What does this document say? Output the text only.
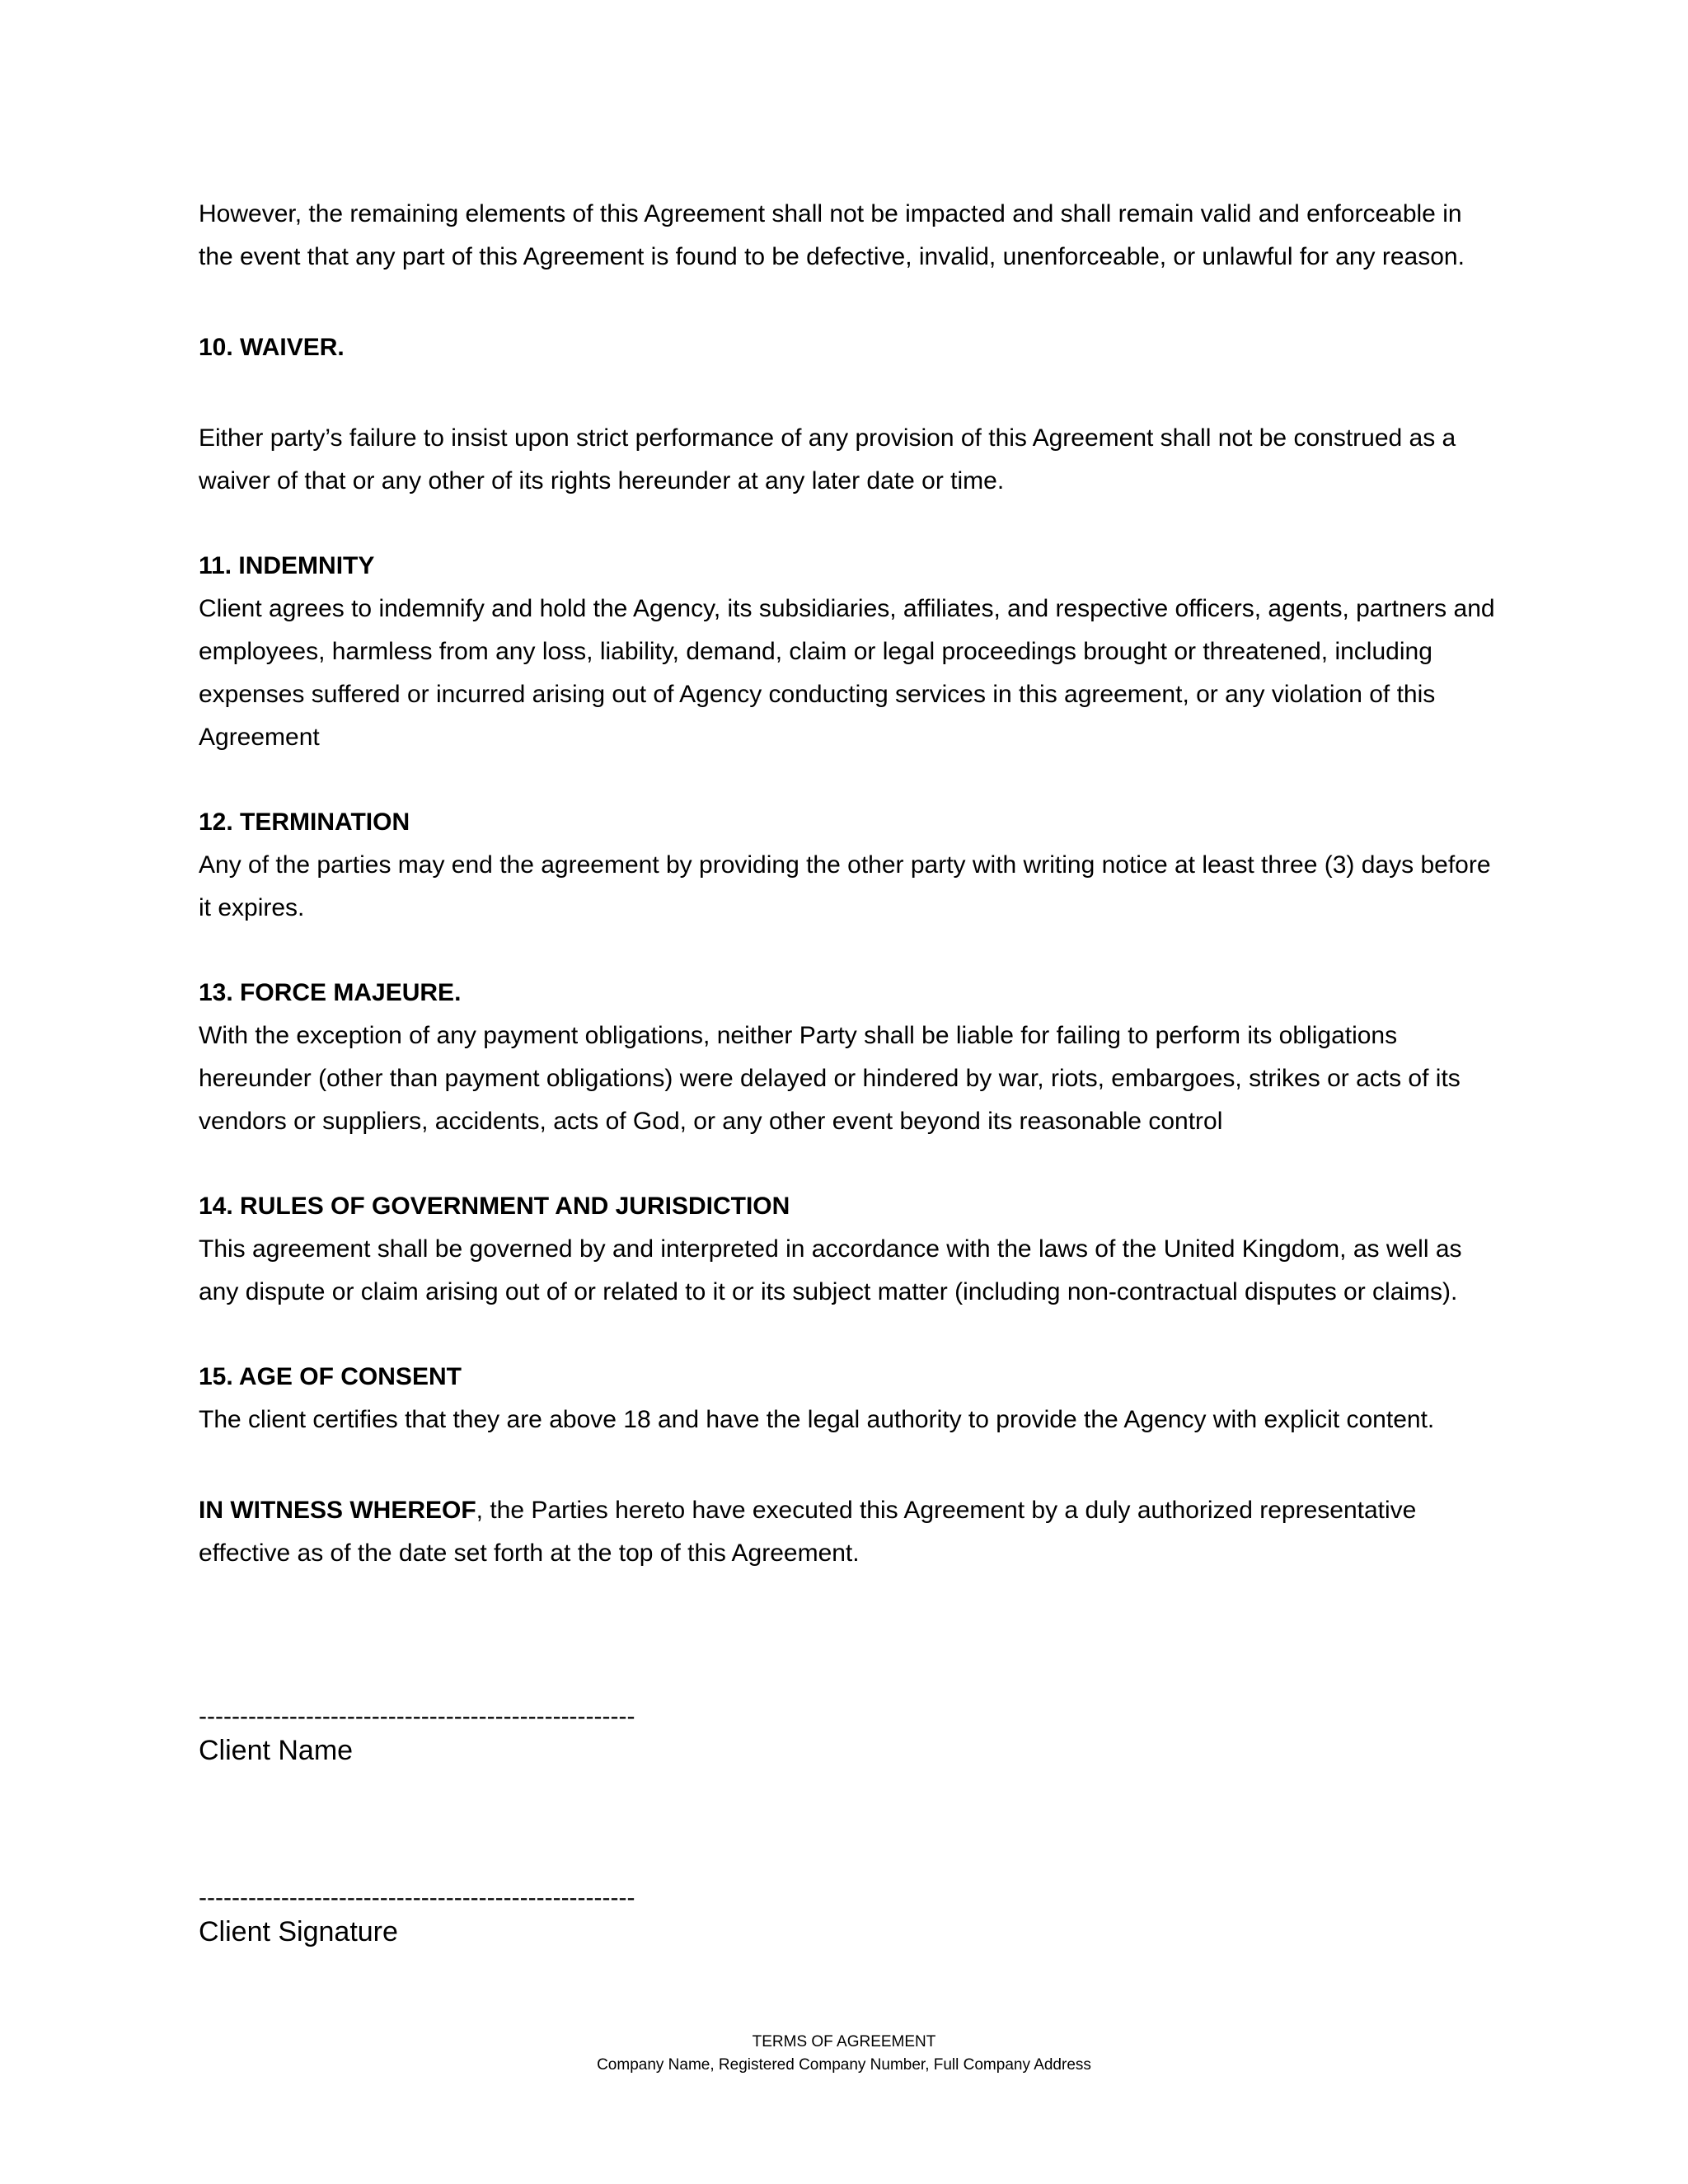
However, the remaining elements of this Agreement shall not be impacted and shall remain valid and enforceable in the event that any part of this Agreement is found to be defective, invalid, unenforceable, or unlawful for any reason.

10. WAIVER.

Either party’s failure to insist upon strict performance of any provision of this Agreement shall not be construed as a waiver of that or any other of its rights hereunder at any later date or time.

11. INDEMNITY

Client agrees to indemnify and hold the Agency, its subsidiaries, affiliates, and respective officers, agents, partners and employees, harmless from any loss, liability, demand, claim or legal proceedings brought or threatened, including expenses suffered or incurred arising out of Agency conducting services in this agreement, or any violation of this Agreement

12. TERMINATION

Any of the parties may end the agreement by providing the other party with writing notice at least three (3) days before it expires.

13. FORCE MAJEURE.

With the exception of any payment obligations, neither Party shall be liable for failing to perform its obligations hereunder (other than payment obligations) were delayed or hindered by war, riots, embargoes, strikes or acts of its vendors or suppliers, accidents, acts of God, or any other event beyond its reasonable control

14. RULES OF GOVERNMENT AND JURISDICTION

This agreement shall be governed by and interpreted in accordance with the laws of the United Kingdom, as well as any dispute or claim arising out of or related to it or its subject matter (including non-contractual disputes or claims).

15. AGE OF CONSENT

The client certifies that they are above 18 and have the legal authority to provide the Agency with explicit content.

IN WITNESS WHEREOF, the Parties hereto have executed this Agreement by a duly authorized representative effective as of the date set forth at the top of this Agreement.

-----------------------------------------------------
Client Name
-----------------------------------------------------
Client Signature
TERMS OF AGREEMENT
Company Name, Registered Company Number, Full Company Address
